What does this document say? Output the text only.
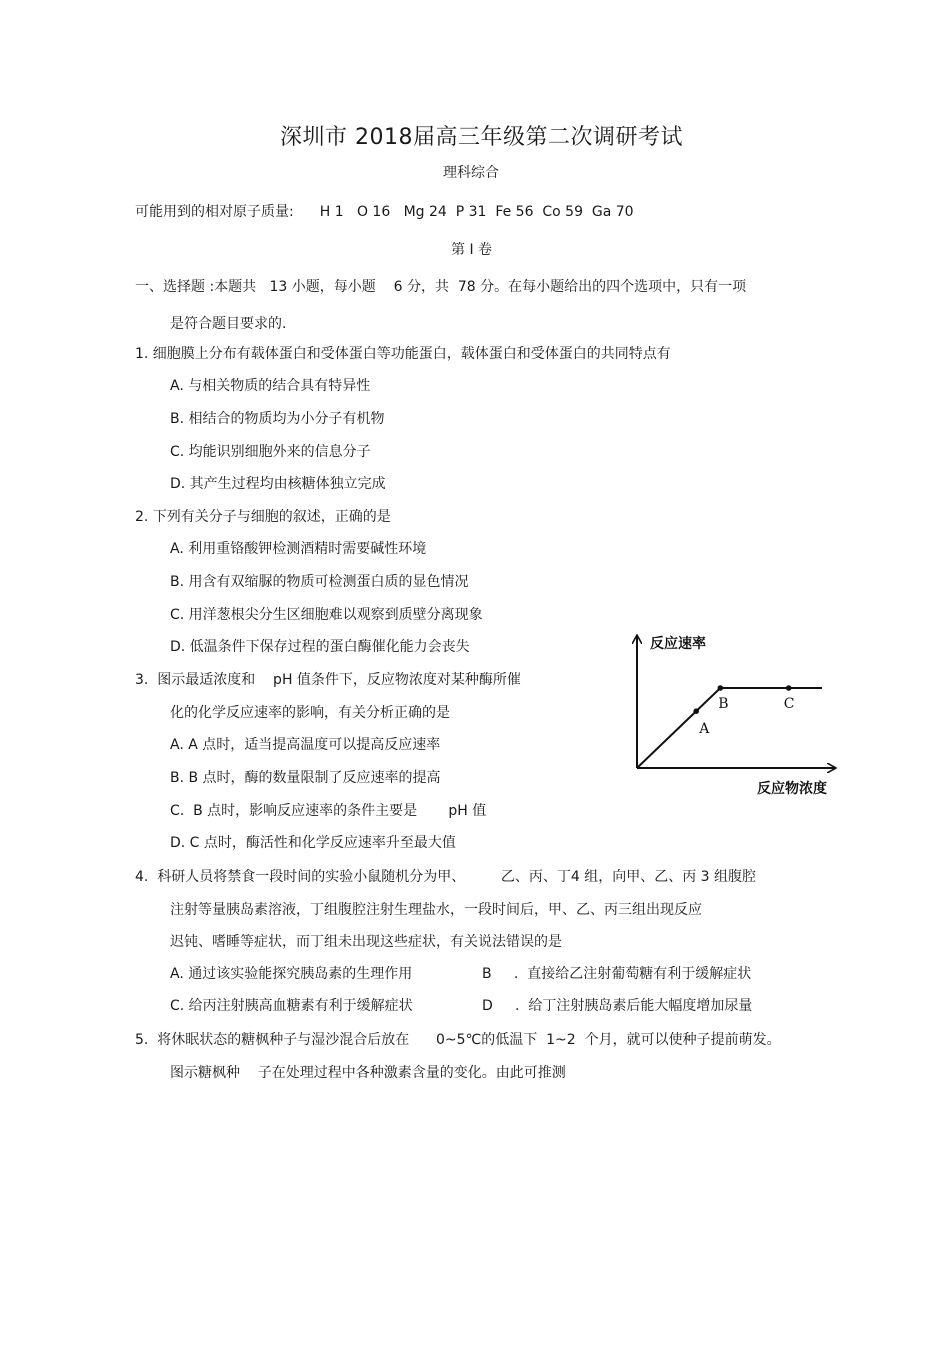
深圳市 2018届高三年级第二次调研考试
理科综合
可能用到的相对原子质量: H 1   O 16   Mg 24  P 31  Fe 56  Co 59  Ga 70
第 Ⅰ 卷
一、选择题 :本题共   13 小题，每小题    6 分，共  78 分。在每小题给出的四个选项中，只有一项
是符合题目要求的.
1. 细胞膜上分布有载体蛋白和受体蛋白等功能蛋白，载体蛋白和受体蛋白的共同特点有
A. 与相关物质的结合具有特异性
B. 相结合的物质均为小分子有机物
C. 均能识别细胞外来的信息分子
D. 其产生过程均由核糖体独立完成
2. 下列有关分子与细胞的叙述，正确的是
A. 利用重铬酸钾检测酒精时需要碱性环境
B. 用含有双缩脲的物质可检测蛋白质的显色情况
C. 用洋葱根尖分生区细胞难以观察到质壁分离现象
D. 低温条件下保存过程的蛋白酶催化能力会丧失
3.  图示最适浓度和    pH 值条件下，反应物浓度对某种酶所催
化的化学反应速率的影响，有关分析正确的是
A. A 点时，适当提高温度可以提高反应速率
B. B 点时，酶的数量限制了反应速率的提高
C.  B 点时，影响反应速率的条件主要是       pH 值
D. C 点时，酶活性和化学反应速率升至最大值
反应速率
反应物浓度
A
B	C
4.  科研人员将禁食一段时间的实验小鼠随机分为甲、        乙、丙、丁4 组，向甲、乙、丙 3 组腹腔
注射等量胰岛素溶液，丁组腹腔注射生理盐水，一段时间后，甲、乙、丙三组出现反应
迟钝、嗜睡等症状，而丁组未出现这些症状，有关说法错误的是
A. 通过该实验能探究胰岛素的生理作用	B     .  直接给乙注射葡萄糖有利于缓解症状
C. 给丙注射胰高血糖素有利于缓解症状	D     .  给丁注射胰岛素后能大幅度增加尿量
5.  将休眠状态的糖枫种子与湿沙混合后放在      0~5℃的低温下  1~2  个月，就可以使种子提前萌发。
图示糖枫种    子在处理过程中各种激素含量的变化。由此可推测
